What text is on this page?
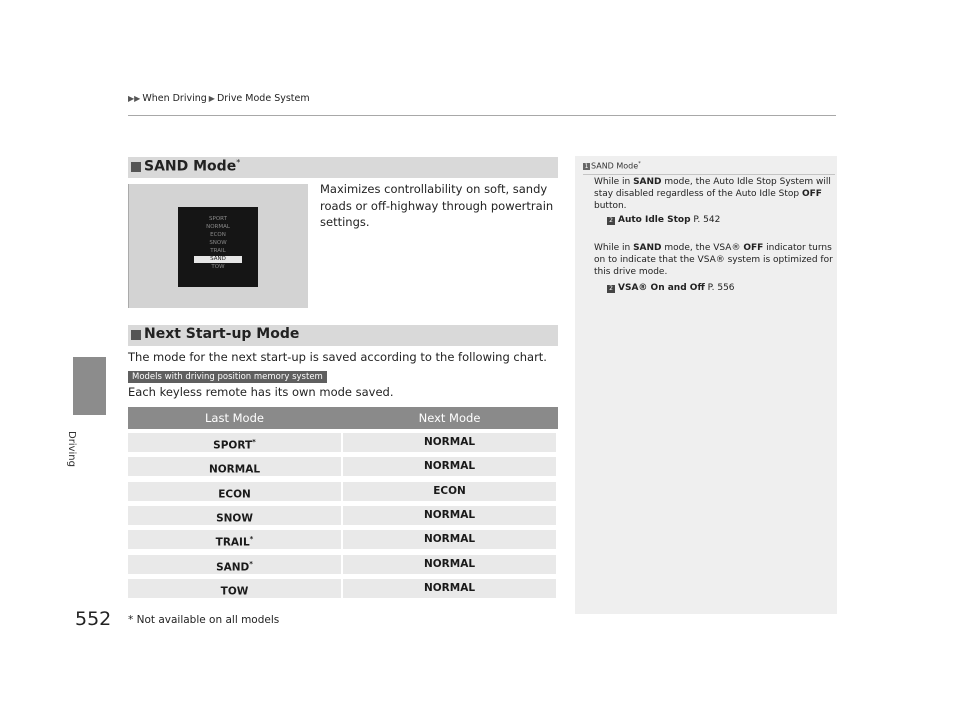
▶▶ When Driving ▶ Drive Mode System
Driving
SAND Mode*
SPORT
NORMAL
ECON
SNOW
TRAIL
SAND
TOW
Maximizes controllability on soft, sandy roads or off-highway through powertrain settings.
Next Start-up Mode
The mode for the next start-up is saved according to the following chart.
Models with driving position memory system
Each keyless remote has its own mode saved.
Last Mode	Next Mode
SPORT*	NORMAL
NORMAL	NORMAL
ECON	ECON
SNOW	NORMAL
TRAIL*	NORMAL
SAND*	NORMAL
TOW	NORMAL
1 SAND Mode*
While in SAND mode, the Auto Idle Stop System will stay disabled regardless of the Auto Idle Stop OFF button.
2 Auto Idle Stop P. 542
While in SAND mode, the VSA® OFF indicator turns on to indicate that the VSA® system is optimized for this drive mode.
2 VSA® On and Off P. 556
552 * Not available on all models
